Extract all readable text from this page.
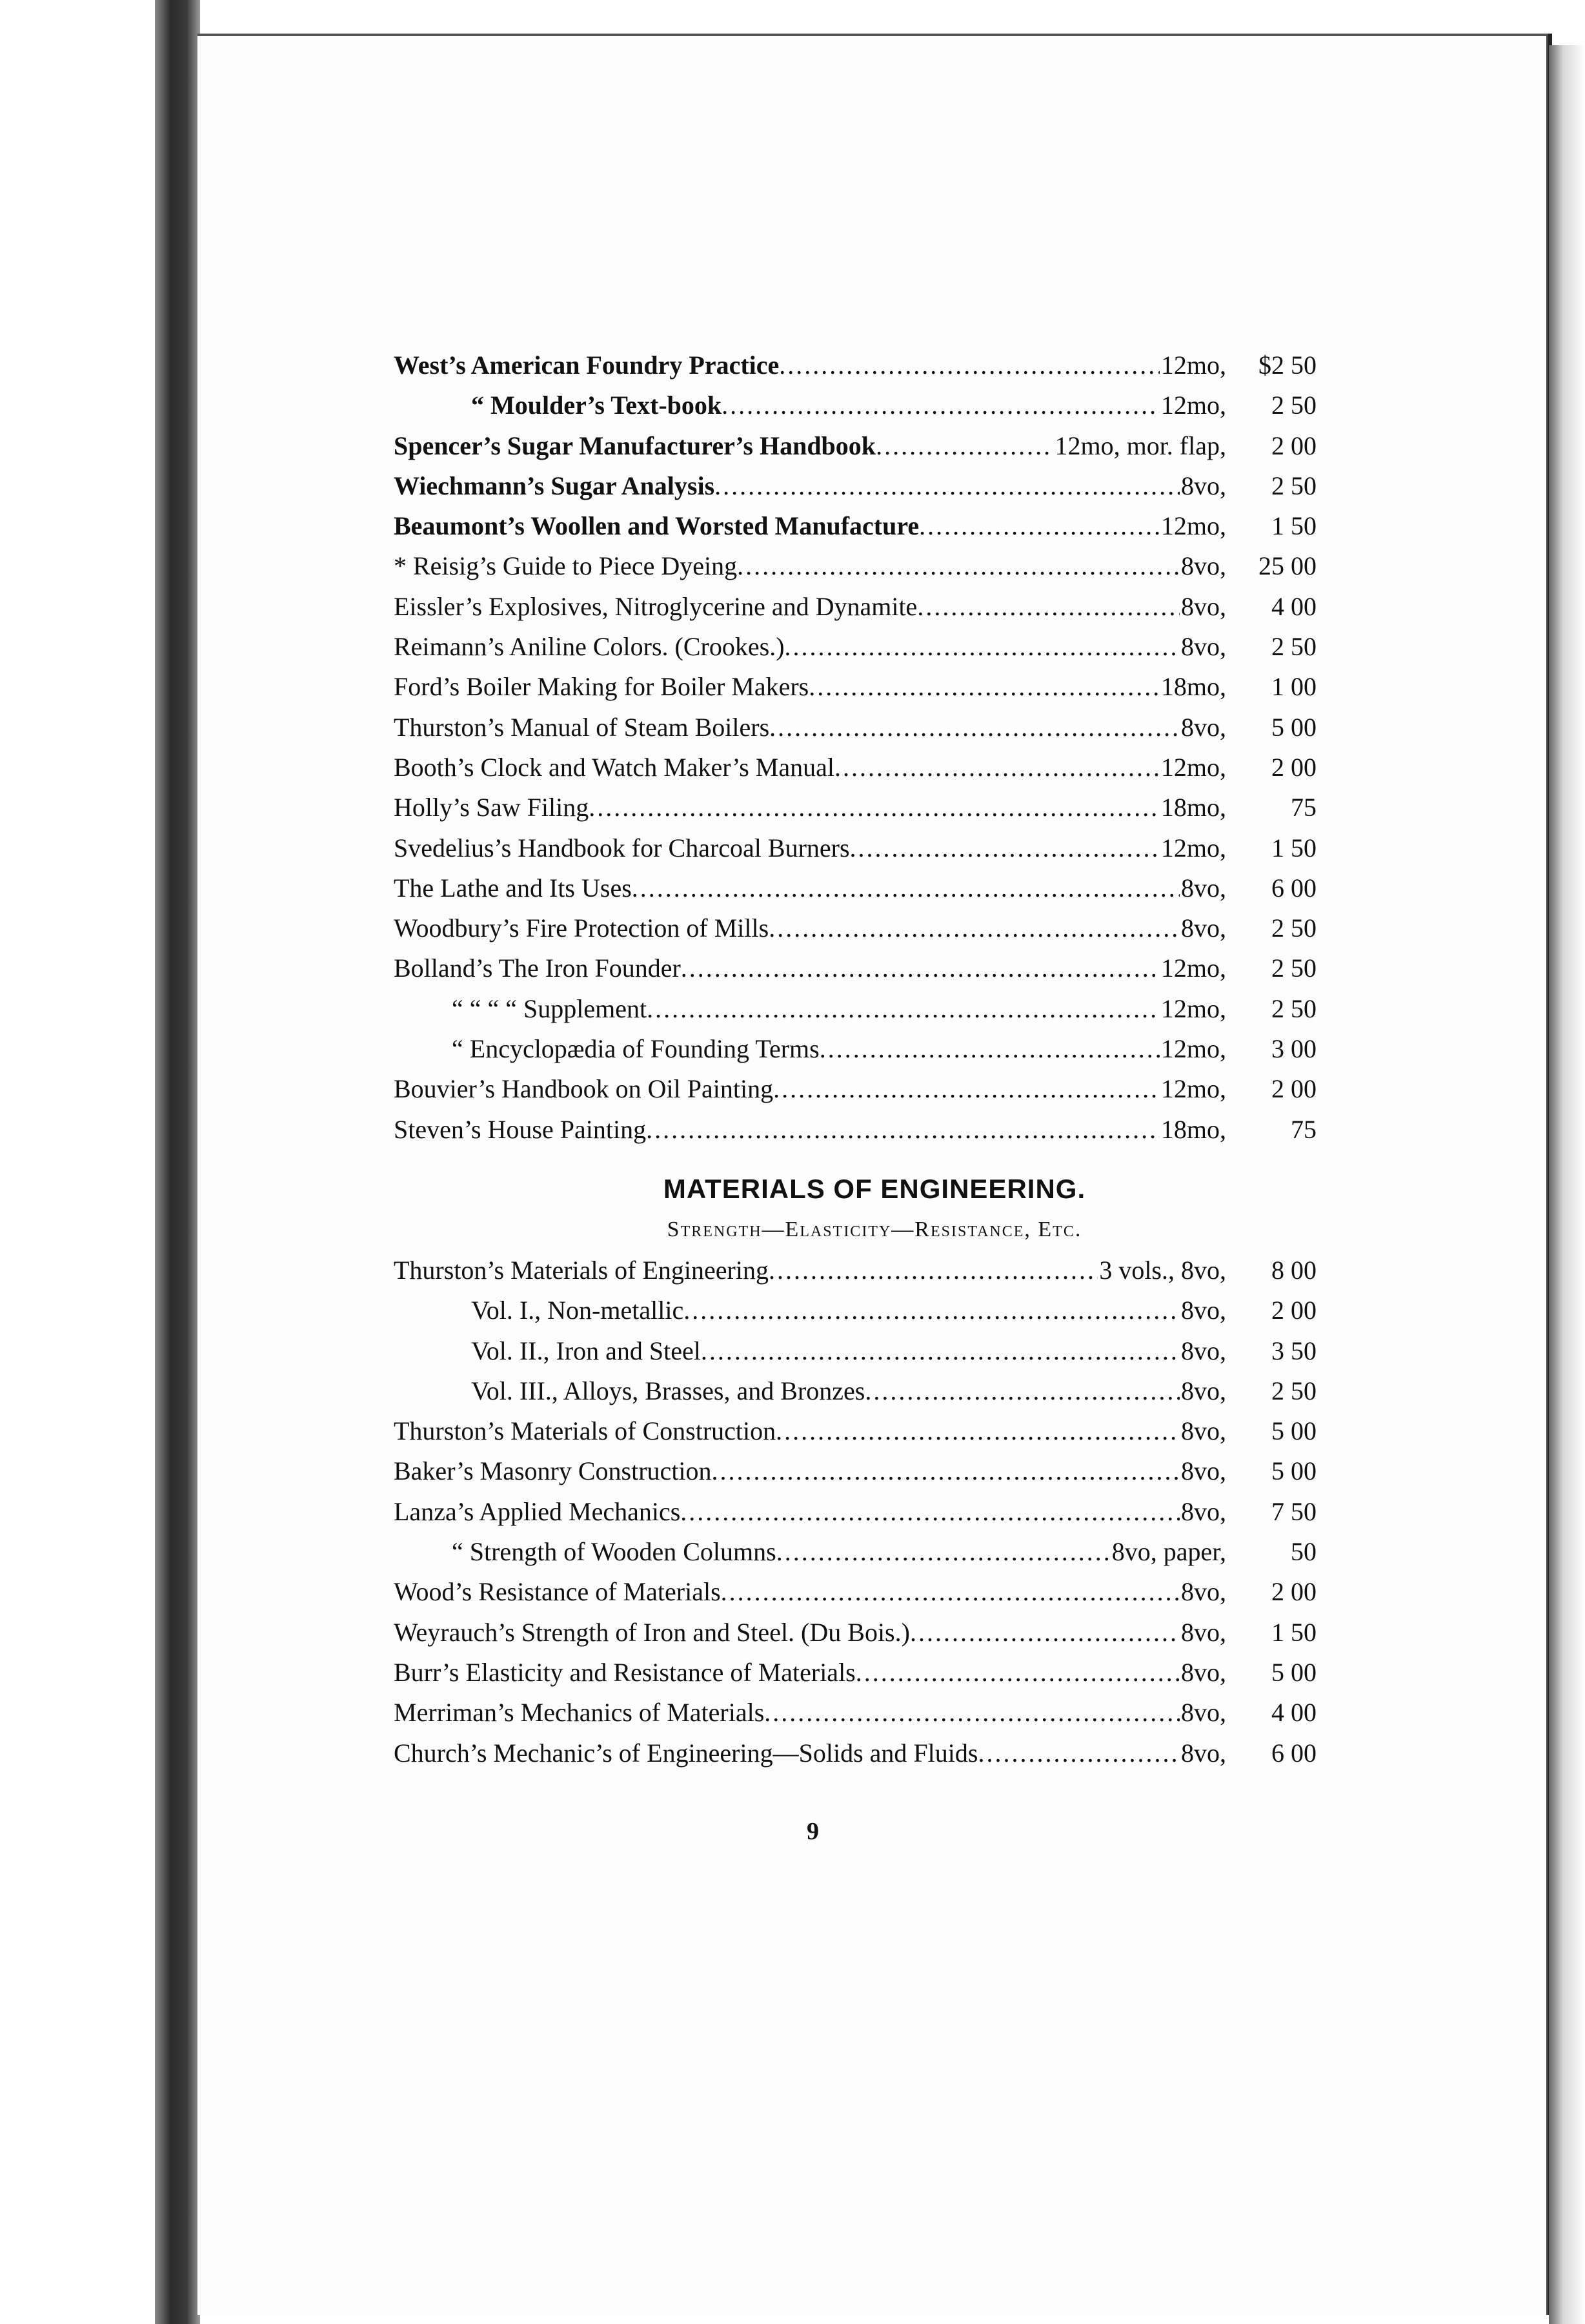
West’s American Foundry Practice .....	12mo,	$2 50
“ Moulder’s Text-book .....	12mo,	2 50
Spencer’s Sugar Manufacturer’s Handbook .....	12mo, mor. flap,	2 00
Wiechmann’s Sugar Analysis .....	8vo,	2 50
Beaumont’s Woollen and Worsted Manufacture .....	12mo,	1 50
* Reisig’s Guide to Piece Dyeing .....	8vo,	25 00
Eissler’s Explosives, Nitroglycerine and Dynamite .....	8vo,	4 00
Reimann’s Aniline Colors. (Crookes.) .....	8vo,	2 50
Ford’s Boiler Making for Boiler Makers .....	18mo,	1 00
Thurston’s Manual of Steam Boilers .....	8vo,	5 00
Booth’s Clock and Watch Maker’s Manual .....	12mo,	2 00
Holly’s Saw Filing .....	18mo,	75
Svedelius’s Handbook for Charcoal Burners .....	12mo,	1 50
The Lathe and Its Uses .....	8vo,	6 00
Woodbury’s Fire Protection of Mills .....	8vo,	2 50
Bolland’s The Iron Founder .....	12mo,	2 50
“ “ “ “ Supplement .....	12mo,	2 50
“ Encyclopædia of Founding Terms .....	12mo,	3 00
Bouvier’s Handbook on Oil Painting .....	12mo,	2 00
Steven’s House Painting .....	18mo,	75
MATERIALS OF ENGINEERING.
Strength—Elasticity—Resistance, Etc.
Thurston’s Materials of Engineering .....	3 vols., 8vo,	8 00
Vol. I., Non-metallic .....	8vo,	2 00
Vol. II., Iron and Steel .....	8vo,	3 50
Vol. III., Alloys, Brasses, and Bronzes .....	8vo,	2 50
Thurston’s Materials of Construction .....	8vo,	5 00
Baker’s Masonry Construction .....	8vo,	5 00
Lanza’s Applied Mechanics .....	8vo,	7 50
“ Strength of Wooden Columns .....	8vo, paper,	50
Wood’s Resistance of Materials .....	8vo,	2 00
Weyrauch’s Strength of Iron and Steel. (Du Bois.) .....	8vo,	1 50
Burr’s Elasticity and Resistance of Materials .....	8vo,	5 00
Merriman’s Mechanics of Materials .....	8vo,	4 00
Church’s Mechanic’s of Engineering—Solids and Fluids .....	8vo,	6 00
9
